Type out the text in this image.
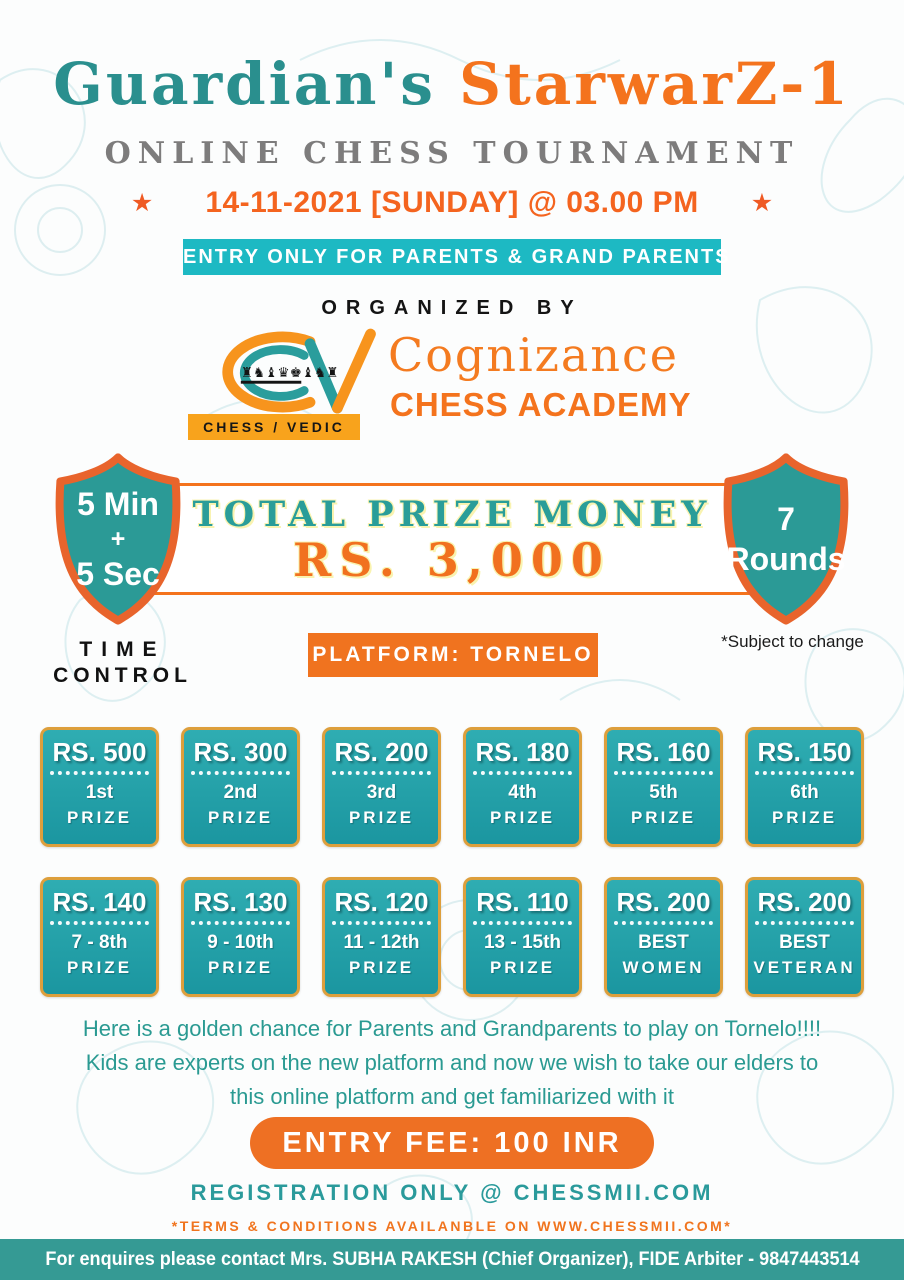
Guardian's StarwarZ-1
ONLINE CHESS TOURNAMENT
★ 14-11-2021 [SUNDAY] @ 03.00 PM ★
ENTRY ONLY FOR PARENTS & GRAND PARENTS
ORGANIZED BY
♜♞♝♛♚♝♞♜
CHESS / VEDIC
Cognizance
CHESS ACADEMY
TOTAL PRIZE MONEY
RS. 3,000
5 Min
+
5 Sec
7
Rounds
TIME
CONTROL
PLATFORM: TORNELO
*Subject to change
RS. 500
1st
PRIZE
RS. 300
2nd
PRIZE
RS. 200
3rd
PRIZE
RS. 180
4th
PRIZE
RS. 160
5th
PRIZE
RS. 150
6th
PRIZE
RS. 140
7 - 8th
PRIZE
RS. 130
9 - 10th
PRIZE
RS. 120
11 - 12th
PRIZE
RS. 110
13 - 15th
PRIZE
RS. 200
BEST
WOMEN
RS. 200
BEST
VETERAN
Here is a golden chance for Parents and Grandparents to play on Tornelo!!!!
Kids are experts on the new platform and now we wish to take our elders to
this online platform and get familiarized with it
ENTRY FEE: 100 INR
REGISTRATION ONLY @ CHESSMII.COM
*TERMS & CONDITIONS AVAILANBLE ON WWW.CHESSMII.COM*
For enquires please contact Mrs. SUBHA RAKESH (Chief Organizer), FIDE Arbiter - 9847443514
